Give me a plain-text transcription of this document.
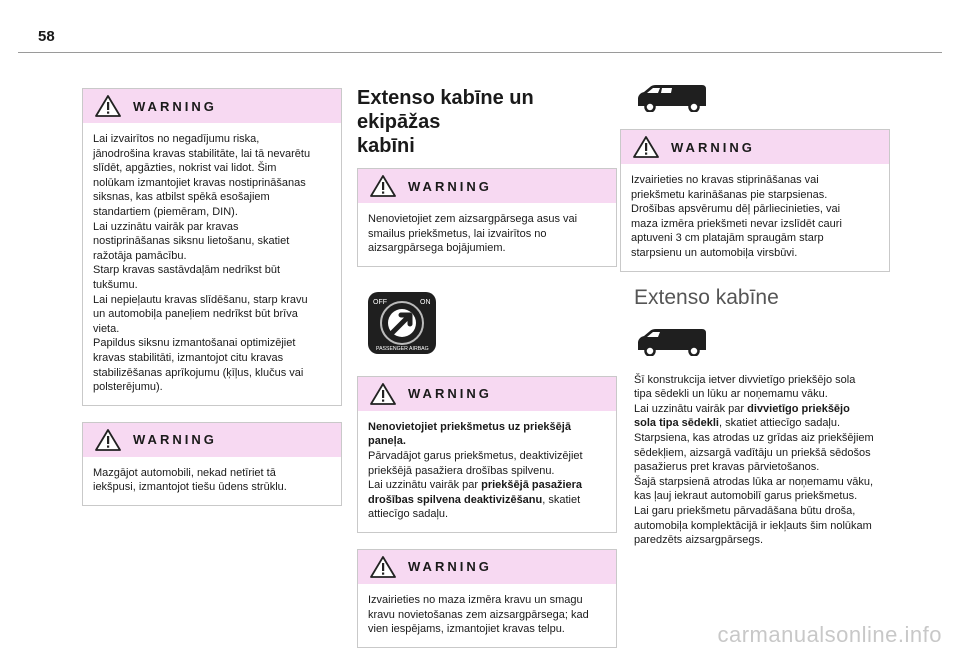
58
WARNING

Lai izvairītos no negadījumu riska,

jānodrošina kravas stabilitāte, lai tā nevarētu

slīdēt, apgāzties, nokrist vai lidot. Šim

nolūkam izmantojiet kravas nostiprināšanas

siksnas, kas atbilst spēkā esošajiem

standartiem (piemēram, DIN).

Lai uzzinātu vairāk par kravas

nostiprināšanas siksnu lietošanu, skatiet

ražotāja pamācību.

Starp kravas sastāvdaļām nedrīkst būt

tukšumu.

Lai nepieļautu kravas slīdēšanu, starp kravu

un automobiļa paneļiem nedrīkst būt brīva

vieta.

Papildus siksnu izmantošanai optimizējiet

kravas stabilitāti, izmantojot citu kravas

stabilizēšanas aprīkojumu (ķīļus, klučus vai

polsterējumu).

WARNING

Mazgājot automobili, nekad netīriet tā

iekšpusi, izmantojot tiešu ūdens strūklu.

Extenso kabīne un ekipāžas
kabīni
WARNING

Nenovietojiet zem aizsargpārsega asus vai

smailus priekšmetus, lai izvairītos no

aizsargpārsega bojājumiem.

OFF	ON
PASSENGER AIRBAG
WARNING

Nenovietojiet priekšmetus uz priekšējā

paneļa.

Pārvadājot garus priekšmetus, deaktivizējiet

priekšējā pasažiera drošības spilvenu.

Lai uzzinātu vairāk par priekšējā pasažiera

drošības spilvena deaktivizēšanu, skatiet

attiecīgo sadaļu.

WARNING

Izvairieties no maza izmēra kravu un smagu

kravu novietošanas zem aizsargpārsega; kad

vien iespējams, izmantojiet kravas telpu.

WARNING

Izvairieties no kravas stiprināšanas vai

priekšmetu karināšanas pie starpsienas.

Drošības apsvērumu dēļ pārliecinieties, vai

maza izmēra priekšmeti nevar izslīdēt cauri

aptuveni 3 cm platajām spraugām starp

starpsienu un automobiļa virsbūvi.

Extenso kabīne

Šī konstrukcija ietver divvietīgo priekšējo sola

tipa sēdekli un lūku ar noņemamu vāku.

Lai uzzinātu vairāk par divvietīgo priekšējo

sola tipa sēdekli, skatiet attiecīgo sadaļu.

Starpsiena, kas atrodas uz grīdas aiz priekšējiem

sēdekļiem, aizsargā vadītāju un priekšā sēdošos

pasažierus pret kravas pārvietošanos.

Šajā starpsienā atrodas lūka ar noņemamu vāku,

kas ļauj iekraut automobilī garus priekšmetus.

Lai garu priekšmetu pārvadāšana būtu droša,

automobiļa komplektācijā ir iekļauts šim nolūkam

paredzēts aizsargpārsegs.

carmanualsonline.info
